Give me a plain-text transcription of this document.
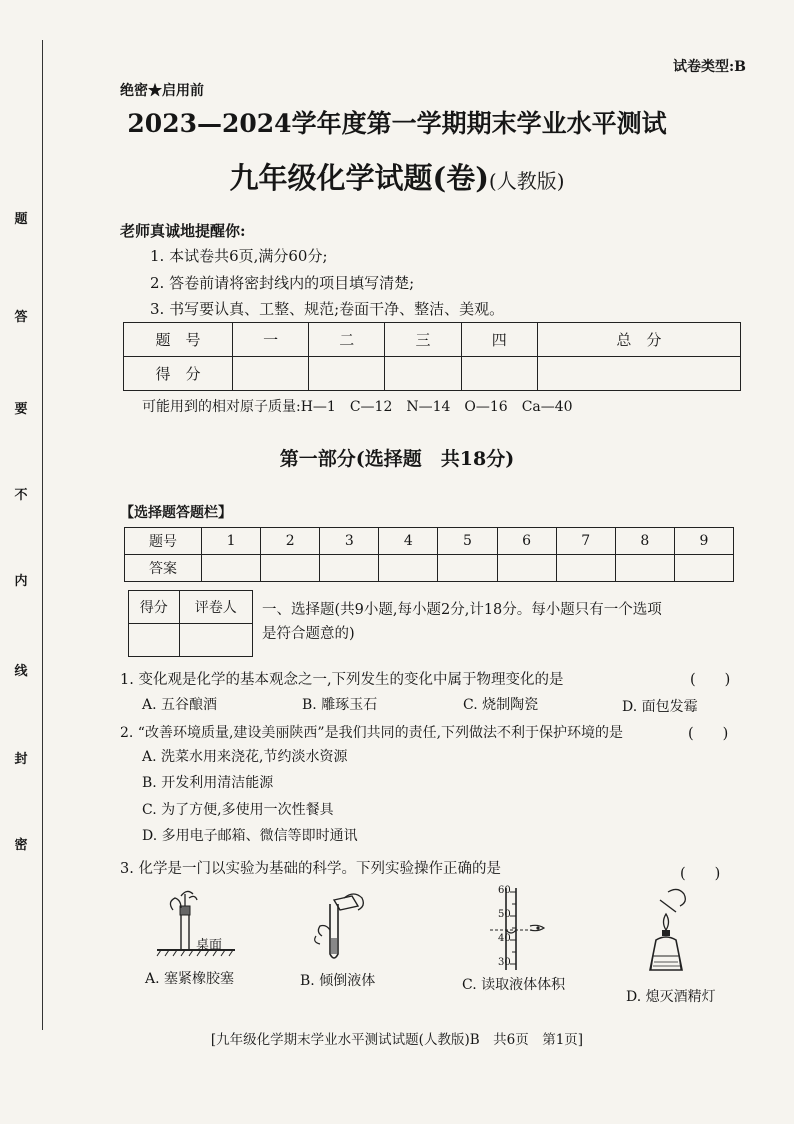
题
答
要
不
内
线
封
密
试卷类型:B
绝密★启用前
2023—2024学年度第一学期期末学业水平测试
九年级化学试题(卷)(人教版)
老师真诚地提醒你:
1. 本试卷共6页,满分60分;
2. 答卷前请将密封线内的项目填写清楚;
3. 书写要认真、工整、规范;卷面干净、整洁、美观。
题　号	一	二	三	四	总　分
得　分					
可能用到的相对原子质量:H—1　C—12　N—14　O—16　Ca—40
第一部分(选择题　共18分)
【选择题答题栏】
题号	1	2	3	4	5	6	7	8	9
答案									
得分	评卷人
	一、选择题(共9小题,每小题2分,计18分。每小题只有一个选项
是符合题意的)
1. 变化观是化学的基本观念之一,下列发生的变化中属于物理变化的是	(　　)
A. 五谷酿酒	B. 雕琢玉石	C. 烧制陶瓷	D. 面包发霉
2. “改善环境质量,建设美丽陕西”是我们共同的责任,下列做法不利于保护环境的是	(　　)
A. 洗菜水用来浇花,节约淡水资源
B. 开发利用清洁能源
C. 为了方便,多使用一次性餐具
D. 多用电子邮箱、微信等即时通讯
3. 化学是一门以实验为基础的科学。下列实验操作正确的是	(　　)
桌面
A. 塞紧橡胶塞	B. 倾倒液体
60
50
40
30
C. 读取液体体积
D. 熄灭酒精灯
[九年级化学期末学业水平测试试题(人教版)B　共6页　第1页]
